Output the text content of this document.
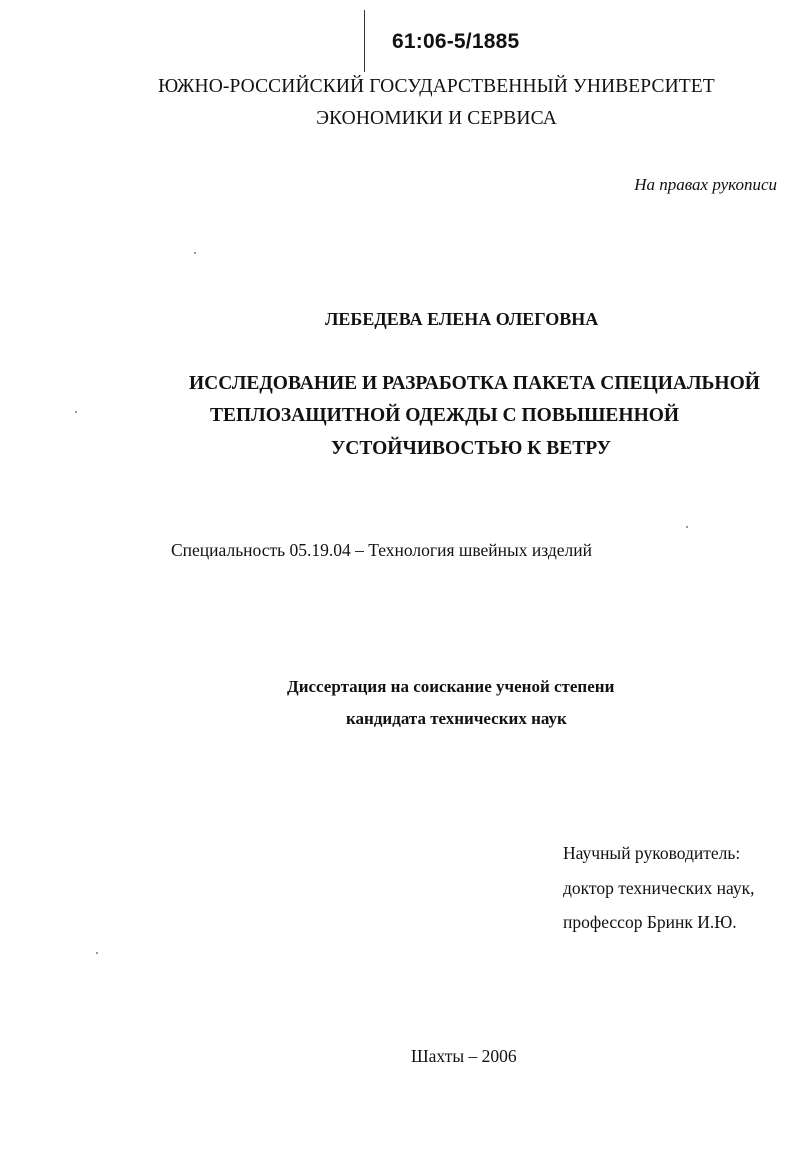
61:06-5/1885
ЮЖНО-РОССИЙСКИЙ ГОСУДАРСТВЕННЫЙ УНИВЕРСИТЕТ
ЭКОНОМИКИ И СЕРВИСА
На правах рукописи
ЛЕБЕДЕВА ЕЛЕНА ОЛЕГОВНА
ИССЛЕДОВАНИЕ И РАЗРАБОТКА ПАКЕТА СПЕЦИАЛЬНОЙ
ТЕПЛОЗАЩИТНОЙ ОДЕЖДЫ С ПОВЫШЕННОЙ
УСТОЙЧИВОСТЬЮ К ВЕТРУ
Специальность 05.19.04 – Технология швейных изделий
Диссертация на соискание ученой степени
кандидата технических наук
Научный руководитель:
доктор технических наук,
профессор Бринк И.Ю.
Шахты – 2006
